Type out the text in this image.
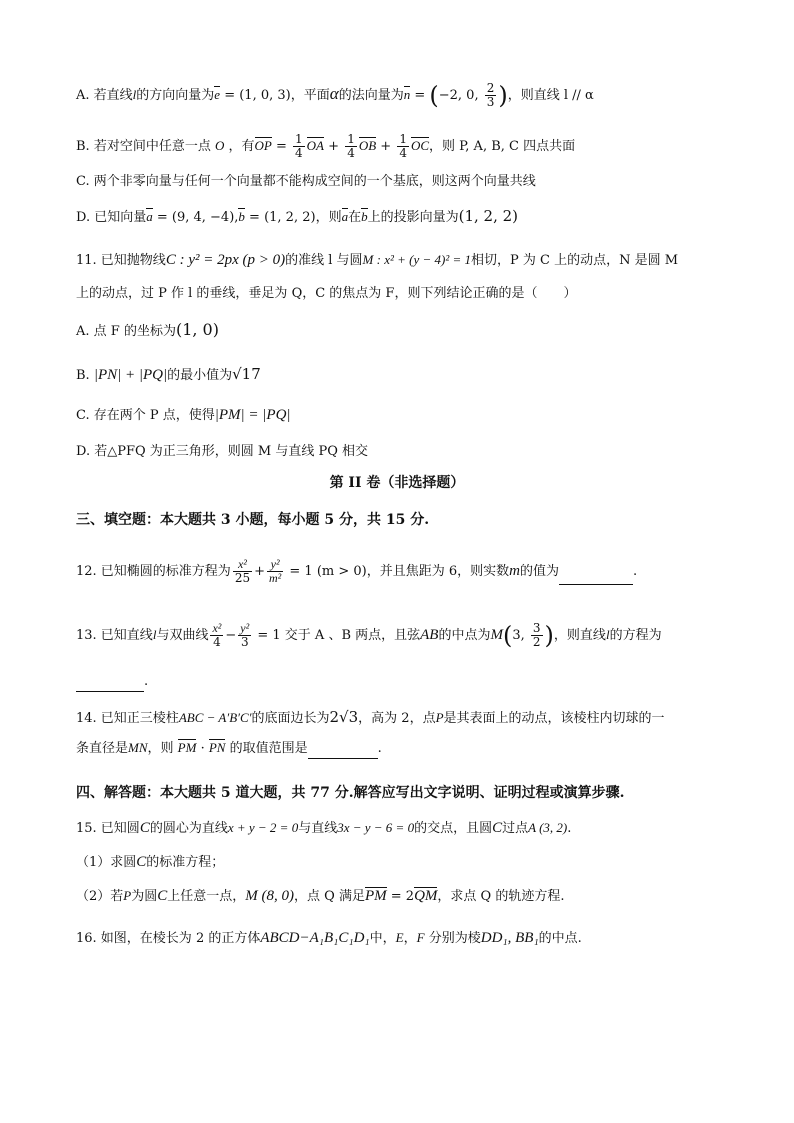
A. 若直线l的方向向量为e = (1, 0, 3)，平面α的法向量为n = (−2, 0, $\frac{2}{3}$ )，则直线 l // α
B. 若对空间中任意一点 O ，有OP = $\frac{1}{4}$ OA + $\frac{1}{4}$ OB + $\frac{1}{4}$ OC，则 P, A, B, C 四点共面
C. 两个非零向量与任何一个向量都不能构成空间的一个基底，则这两个向量共线
D. 已知向量a = (9, 4, −4),b = (1, 2, 2)，则a在b上的投影向量为(1, 2, 2)
11. 已知抛物线C : y² = 2px (p > 0)的准线 l 与圆M : x² + (y − 4)² = 1相切，P 为 C 上的动点，N 是圆 M
上的动点，过 P 作 l 的垂线，垂足为 Q，C 的焦点为 F，则下列结论正确的是（　　）
A. 点 F 的坐标为(1, 0)
B. |PN| + |PQ|的最小值为√17
C. 存在两个 P 点，使得|PM| = |PQ|
D. 若△PFQ 为正三角形，则圆 M 与直线 PQ 相交
第 II 卷（非选择题）
三、填空题：本大题共 3 小题，每小题 5 分，共 15 分.
12. 已知椭圆的标准方程为 $\frac{\text{x²}}{25} + \frac{\text{y²}}{\text{m²}} = 1$ (m > 0)，并且焦距为 6，则实数m的值为	.
13. 已知直线l与双曲线 $\frac{\text{x²}}{4} - \frac{\text{y²}}{3} = 1$ 交于 A 、B 两点，且弦AB的中点为M(3, $\frac{3}{2}$ )，则直线l的方程为
.
14. 已知正三棱柱ABC − A′B′C′的底面边长为2√3，高为 2，点P是其表面上的动点，该棱柱内切球的一
条直径是MN，则 PM · PN 的取值范围是	.
四、解答题：本大题共 5 道大题，共 77 分.解答应写出文字说明、证明过程或演算步骤.
15. 已知圆C的圆心为直线x + y − 2 = 0与直线3x − y − 6 = 0的交点，且圆C过点A (3, 2).
（1）求圆C的标准方程；
（2）若P为圆C上任意一点，M (8, 0)，点 Q 满足PM = 2QM，求点 Q 的轨迹方程.
16. 如图，在棱长为 2 的正方体ABCD−A₁B₁C₁D₁中，E，F 分别为棱DD₁, BB₁的中点.
